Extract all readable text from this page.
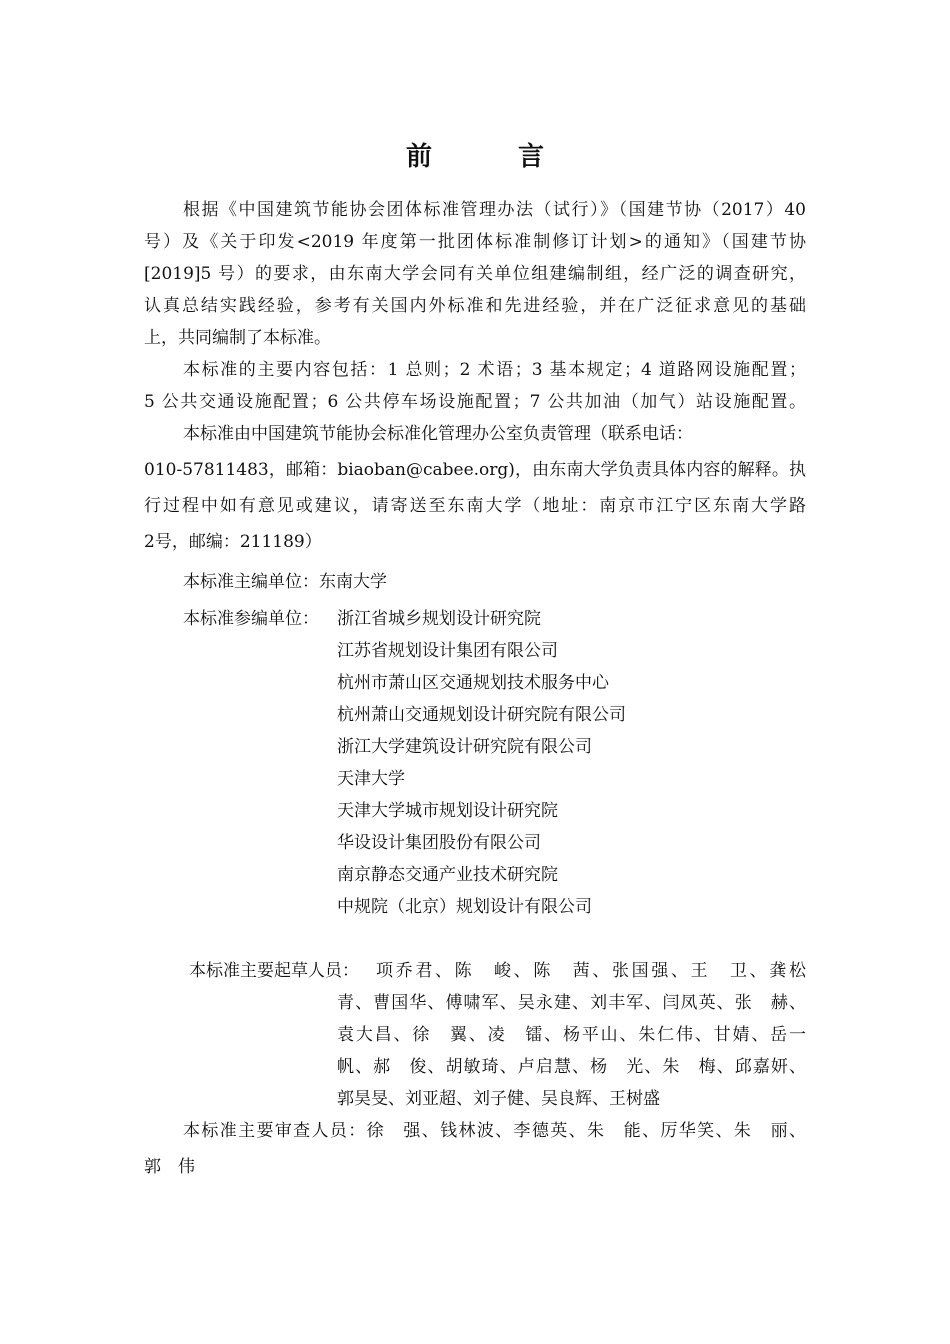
前　言
根据《中国建筑节能协会团体标准管理办法（试行）》（国建节协（2017）40
号）及《关于印发<2019 年度第一批团体标准制修订计划>的通知》（国建节协
[2019]5 号）的要求，由东南大学会同有关单位组建编制组，经广泛的调查研究，
认真总结实践经验，参考有关国内外标准和先进经验，并在广泛征求意见的基础
上，共同编制了本标准。
本标准的主要内容包括：1 总则；2 术语；3 基本规定；4 道路网设施配置；
5 公共交通设施配置；6 公共停车场设施配置；7 公共加油（加气）站设施配置。
本标准由中国建筑节能协会标准化管理办公室负责管理（联系电话：
010-57811483，邮箱：biaoban@cabee.org)，由东南大学负责具体内容的解释。执
行过程中如有意见或建议，请寄送至东南大学（地址：南京市江宁区东南大学路
2号，邮编：211189）
本标准主编单位：东南大学
本标准参编单位： 浙江省城乡规划设计研究院
江苏省规划设计集团有限公司
杭州市萧山区交通规划技术服务中心
杭州萧山交通规划设计研究院有限公司
浙江大学建筑设计研究院有限公司
天津大学
天津大学城市规划设计研究院
华设设计集团股份有限公司
南京静态交通产业技术研究院
中规院（北京）规划设计有限公司
本标准主要起草人员： 项乔君、陈　峻、陈　茜、张国强、王　卫、龚松
青、曹国华、傅啸军、吴永建、刘丰军、闫凤英、张　赫、
袁大昌、徐　翼、凌　镭、杨平山、朱仁伟、甘婧、岳一
帆、郝　俊、胡敏琦、卢启慧、杨　光、朱　梅、邱嘉妍、
郭昊旻、刘亚超、刘子健、吴良辉、王树盛
本标准主要审查人员：徐　强、钱林波、李德英、朱　能、厉华笑、朱　丽、
郭　伟
